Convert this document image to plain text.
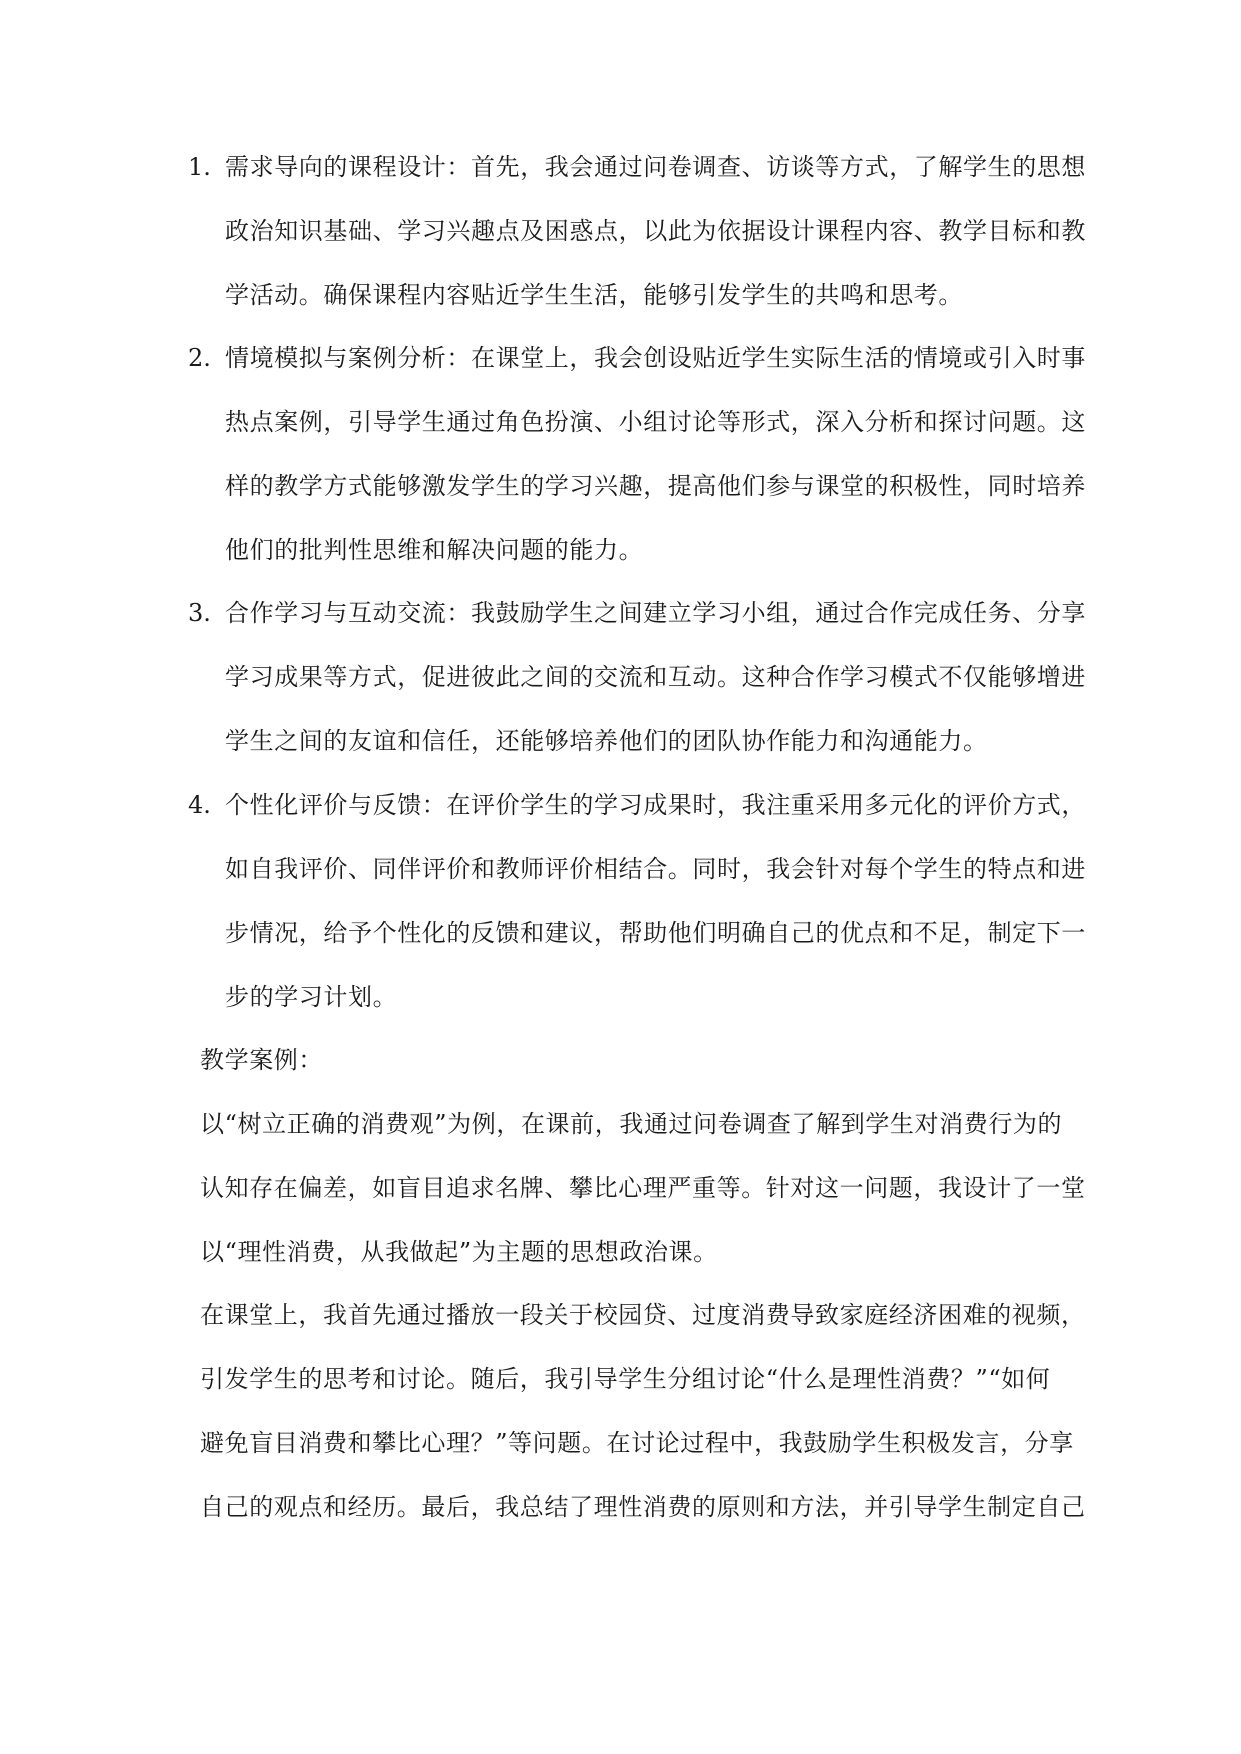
1. 需求导向的课程设计：首先，我会通过问卷调查、访谈等方式，了解学生的思想
政治知识基础、学习兴趣点及困惑点，以此为依据设计课程内容、教学目标和教
学活动。确保课程内容贴近学生生活，能够引发学生的共鸣和思考。
2. 情境模拟与案例分析：在课堂上，我会创设贴近学生实际生活的情境或引入时事
热点案例，引导学生通过角色扮演、小组讨论等形式，深入分析和探讨问题。这
样的教学方式能够激发学生的学习兴趣，提高他们参与课堂的积极性，同时培养
他们的批判性思维和解决问题的能力。
3. 合作学习与互动交流：我鼓励学生之间建立学习小组，通过合作完成任务、分享
学习成果等方式，促进彼此之间的交流和互动。这种合作学习模式不仅能够增进
学生之间的友谊和信任，还能够培养他们的团队协作能力和沟通能力。
4. 个性化评价与反馈：在评价学生的学习成果时，我注重采用多元化的评价方式，
如自我评价、同伴评价和教师评价相结合。同时，我会针对每个学生的特点和进
步情况，给予个性化的反馈和建议，帮助他们明确自己的优点和不足，制定下一
步的学习计划。
教学案例：
以“树立正确的消费观”为例，在课前，我通过问卷调查了解到学生对消费行为的
认知存在偏差，如盲目追求名牌、攀比心理严重等。针对这一问题，我设计了一堂
以“理性消费，从我做起”为主题的思想政治课。
在课堂上，我首先通过播放一段关于校园贷、过度消费导致家庭经济困难的视频，
引发学生的思考和讨论。随后，我引导学生分组讨论“什么是理性消费？”“如何
避免盲目消费和攀比心理？”等问题。在讨论过程中，我鼓励学生积极发言，分享
自己的观点和经历。最后，我总结了理性消费的原则和方法，并引导学生制定自己
